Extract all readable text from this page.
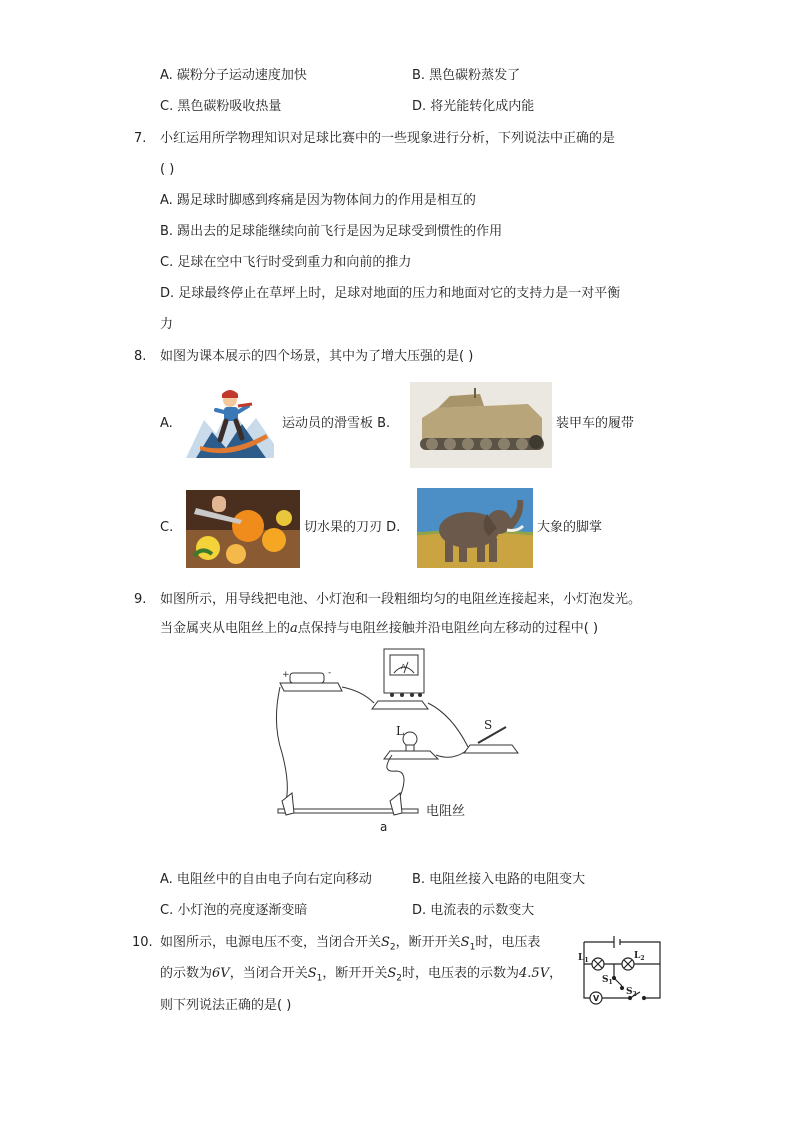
A. 碳粉分子运动速度加快	B. 黑色碳粉蒸发了
C. 黑色碳粉吸收热量	D. 将光能转化成内能
7. 小红运用所学物理知识对足球比赛中的一些现象进行分析，下列说法中正确的是
( )
A. 踢足球时脚感到疼痛是因为物体间力的作用是相互的
B. 踢出去的足球能继续向前飞行是因为足球受到惯性的作用
C. 足球在空中飞行时受到重力和向前的推力
D. 足球最终停止在草坪上时，足球对地面的压力和地面对它的支持力是一对平衡
力
8. 如图为课本展示的四个场景，其中为了增大压强的是( )
A.	运动员的滑雪板 B.	装甲车的履带
C.	切水果的刀刃 D.	大象的脚掌
9. 如图所示，用导线把电池、小灯泡和一段粗细均匀的电阻丝连接起来，小灯泡发光。
当金属夹从电阻丝上的a点保持与电阻丝接触并沿电阻丝向左移动的过程中( )
+	-
A
L	S
a
电阻丝
A. 电阻丝中的自由电子向右定向移动	B. 电阻丝接入电路的电阻变大
C. 小灯泡的亮度逐渐变暗	D. 电流表的示数变大
10. 如图所示，电源电压不变，当闭合开关$S_2$，断开开关$S_1$时，电压表
的示数为6V，当闭合开关$S_1$，断开开关$S_2$时，电压表的示数为4.5V，
则下列说法正确的是( )
$L_1$	$L_2$
$S_1$
$S_2$
V
